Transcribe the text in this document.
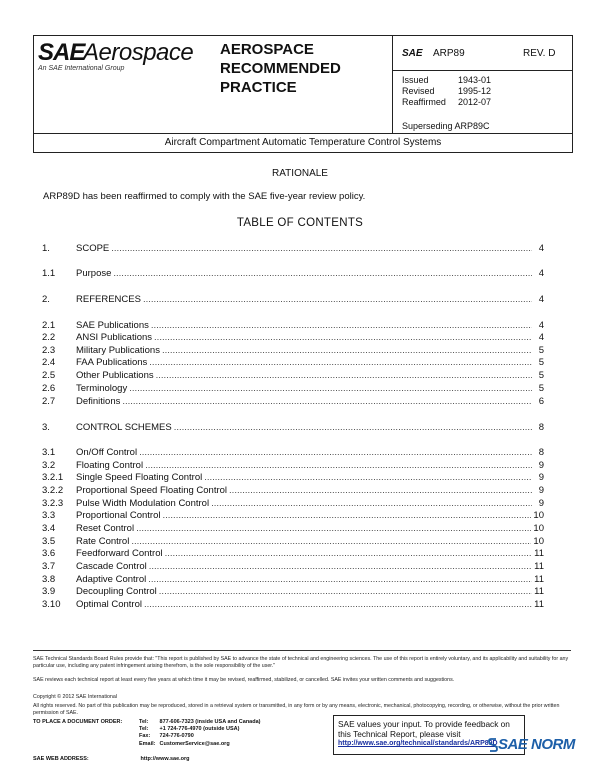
SAE
Aerospace
An SAE International Group
AEROSPACE RECOMMENDED PRACTICE
SAE ARP89	REV. D
Issued	1943-01
Revised	1995-12
Reaffirmed	2012-07
Superseding ARP89C
Aircraft Compartment Automatic Temperature Control Systems
RATIONALE
ARP89D has been reaffirmed to comply with the SAE five-year review policy.
TABLE OF CONTENTS
1.	SCOPE .....	4
1.1	Purpose .....	4
2.	REFERENCES .....	4
2.1	SAE Publications .....	4
2.2	ANSI Publications .....	4
2.3	Military Publications .....	5
2.4	FAA Publications .....	5
2.5	Other Publications .....	5
2.6	Terminology .....	5
2.7	Definitions .....	6
3.	CONTROL SCHEMES .....	8
3.1	On/Off Control .....	8
3.2	Floating Control .....	9
3.2.1	Single Speed Floating Control .....	9
3.2.2	Proportional Speed Floating Control .....	9
3.2.3	Pulse Width Modulation Control .....	9
3.3	Proportional Control .....	10
3.4	Reset Control .....	10
3.5	Rate Control .....	10
3.6	Feedforward Control .....	11
3.7	Cascade Control .....	11
3.8	Adaptive Control .....	11
3.9	Decoupling Control .....	11
3.10	Optimal Control .....	11
SAE Technical Standards Board Rules provide that: "This report is published by SAE to advance the state of technical and engineering sciences. The use of this report is entirely voluntary, and its applicability and suitability for any particular use, including any patent infringement arising therefrom, is the sole responsibility of the user."
SAE reviews each technical report at least every five years at which time it may be revised, reaffirmed, stabilized, or cancelled. SAE invites your written comments and suggestions.
Copyright © 2012 SAE International
All rights reserved. No part of this publication may be reproduced, stored in a retrieval system or transmitted, in any form or by any means, electronic, mechanical, photocopying, recording, or otherwise, without the prior written permission of SAE.
TO PLACE A DOCUMENT ORDER:	Tel:	877-606-7323 (inside USA and Canada)
	Tel:	+1 724-776-4970 (outside USA)
	Fax:	724-776-0790
	Email:	CustomerService@sae.org
SAE WEB ADDRESS:	http://www.sae.org
SAE values your input. To provide feedback on this Technical Report, please visit
http://www.sae.org/technical/standards/ARP89D SAE NORM
